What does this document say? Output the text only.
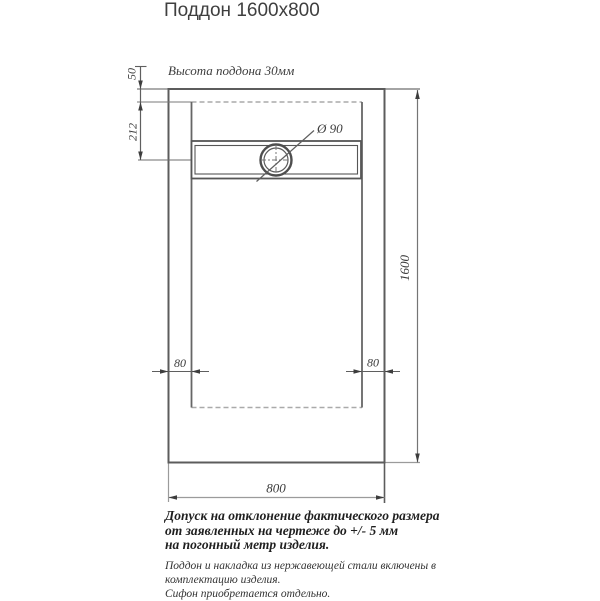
Поддон 1600x800
Ø 90
50
212
1600
80	80
800
Высота поддона 30мм
Допуск на отклонение фактического размера
от заявленных на чертеже до +/- 5 мм
на погонный метр изделия.
Поддон и накладка из нержавеющей стали включены в
комплектацию изделия.
Сифон приобретается отдельно.
